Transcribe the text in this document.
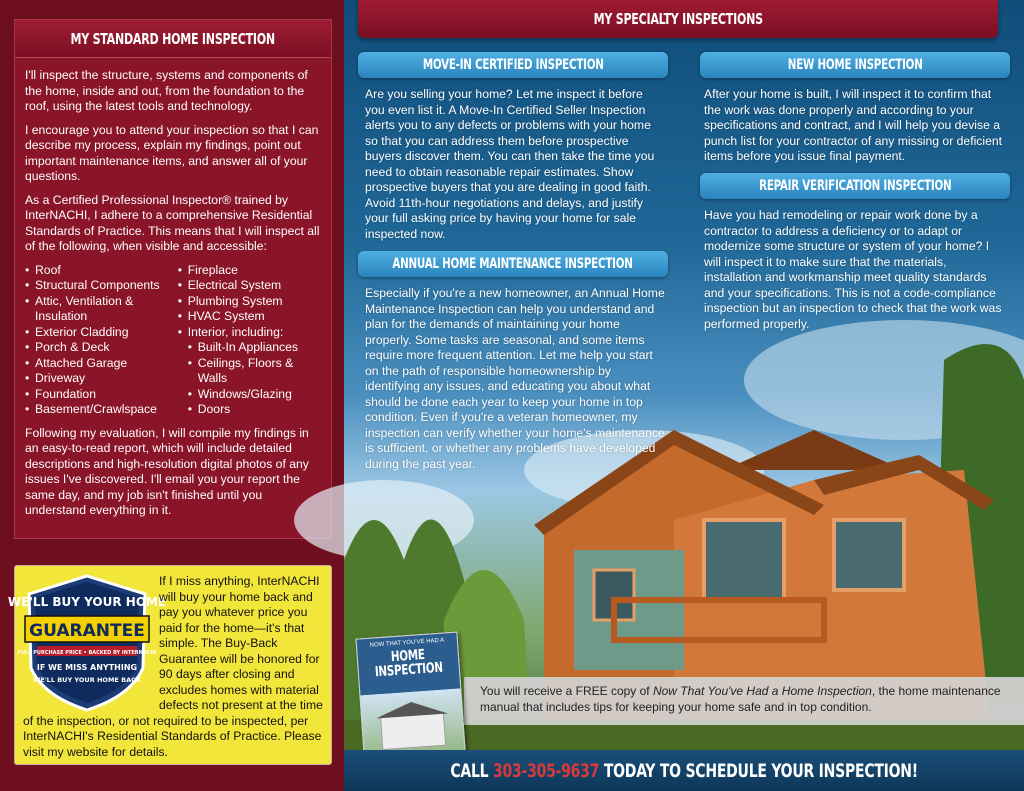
MY STANDARD HOME INSPECTION

I'll inspect the structure, systems and components of the home, inside and out, from the foundation to the roof, using the latest tools and technology.

I encourage you to attend your inspection so that I can describe my process, explain my findings, point out important maintenance items, and answer all of your questions.

As a Certified Professional Inspector® trained by InterNACHI, I adhere to a comprehensive Residential Standards of Practice. This means that I will inspect all of the following, when visible and accessible:

• Roof
• Structural Components
• Attic, Ventilation & Insulation
• Exterior Cladding
• Porch & Deck
• Attached Garage
• Driveway
• Foundation
• Basement/Crawlspace
• Fireplace
• Electrical System
• Plumbing System
• HVAC System
• Interior, including:
• Built-In Appliances
• Ceilings, Floors & Walls
• Windows/Glazing
• Doors

Following my evaluation, I will compile my findings in an easy-to-read report, which will include detailed descriptions and high-resolution digital photos of any issues I've discovered. I'll email you your report the same day, and my job isn't finished until you understand everything in it.

WE'LL BUY YOUR HOME
GUARANTEE
FULL PURCHASE PRICE • BACKED BY INTERNACHI
IF WE MISS ANYTHING
WE'LL BUY YOUR HOME BACK
If I miss anything, InterNACHI will buy your home back and pay you whatever price you paid for the home—it's that simple. The Buy-Back Guarantee will be honored for 90 days after closing and excludes homes with material defects not present at the time of the inspection, or not required to be inspected, per InterNACHI's Residential Standards of Practice. Please visit my website for details.
MY SPECIALTY INSPECTIONS
MOVE-IN CERTIFIED INSPECTION
Are you selling your home? Let me inspect it before you even list it. A Move-In Certified Seller Inspection alerts you to any defects or problems with your home so that you can address them before prospective buyers discover them. You can then take the time you need to obtain reasonable repair estimates. Show prospective buyers that you are dealing in good faith. Avoid 11th-hour negotiations and delays, and justify your full asking price by having your home for sale inspected now.
ANNUAL HOME MAINTENANCE INSPECTION
Especially if you're a new homeowner, an Annual Home Maintenance Inspection can help you understand and plan for the demands of maintaining your home properly. Some tasks are seasonal, and some items require more frequent attention. Let me help you start on the path of responsible homeownership by identifying any issues, and educating you about what should be done each year to keep your home in top condition. Even if you're a veteran homeowner, my inspection can verify whether your home's maintenance is sufficient, or whether any problems have developed during the past year.
NEW HOME INSPECTION
After your home is built, I will inspect it to confirm that the work was done properly and according to your specifications and contract, and I will help you devise a punch list for your contractor of any missing or deficient items before you issue final payment.
REPAIR VERIFICATION INSPECTION
Have you had remodeling or repair work done by a contractor to address a deficiency or to adapt or modernize some structure or system of your home? I will inspect it to make sure that the materials, installation and workmanship meet quality standards and your specifications. This is not a code-compliance inspection but an inspection to check that the work was performed properly.
You will receive a FREE copy of Now That You've Had a Home Inspection, the home maintenance manual that includes tips for keeping your home safe and in top condition.
NOW THAT YOU'VE HAD A
HOME INSPECTION
CALL 303-305-9637 TODAY TO SCHEDULE YOUR INSPECTION!
